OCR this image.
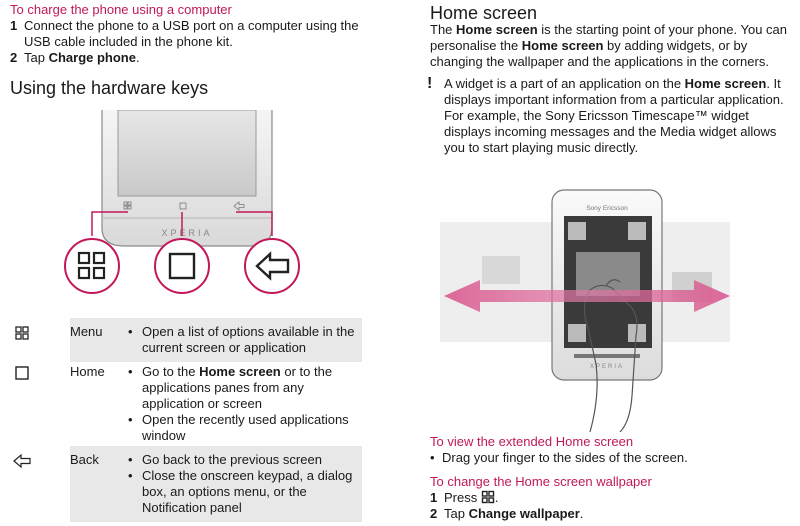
To charge the phone using a computer
1 Connect the phone to a USB port on a computer using the USB cable included in the phone kit.
2 Tap Charge phone.
Using the hardware keys
XPERIA
Menu	• Open a list of options available in the current screen or application
Home	• Go to the Home screen or to the applications panes from any application or screen
• Open the recently used applications window
Back	• Go back to the previous screen
• Close the onscreen keypad, a dialog box, an options menu, or the Notification panel
Home screen
The Home screen is the starting point of your phone. You can personalise the Home screen by adding widgets, or by changing the wallpaper and the applications in the corners.
! A widget is a part of an application on the Home screen. It displays important information from a particular application. For example, the Sony Ericsson Timescape™ widget displays incoming messages and the Media widget allows you to start playing music directly.
Sony Ericsson
XPERIA
To view the extended Home screen
• Drag your finger to the sides of the screen.
To change the Home screen wallpaper
1 Press .
2 Tap Change wallpaper.
